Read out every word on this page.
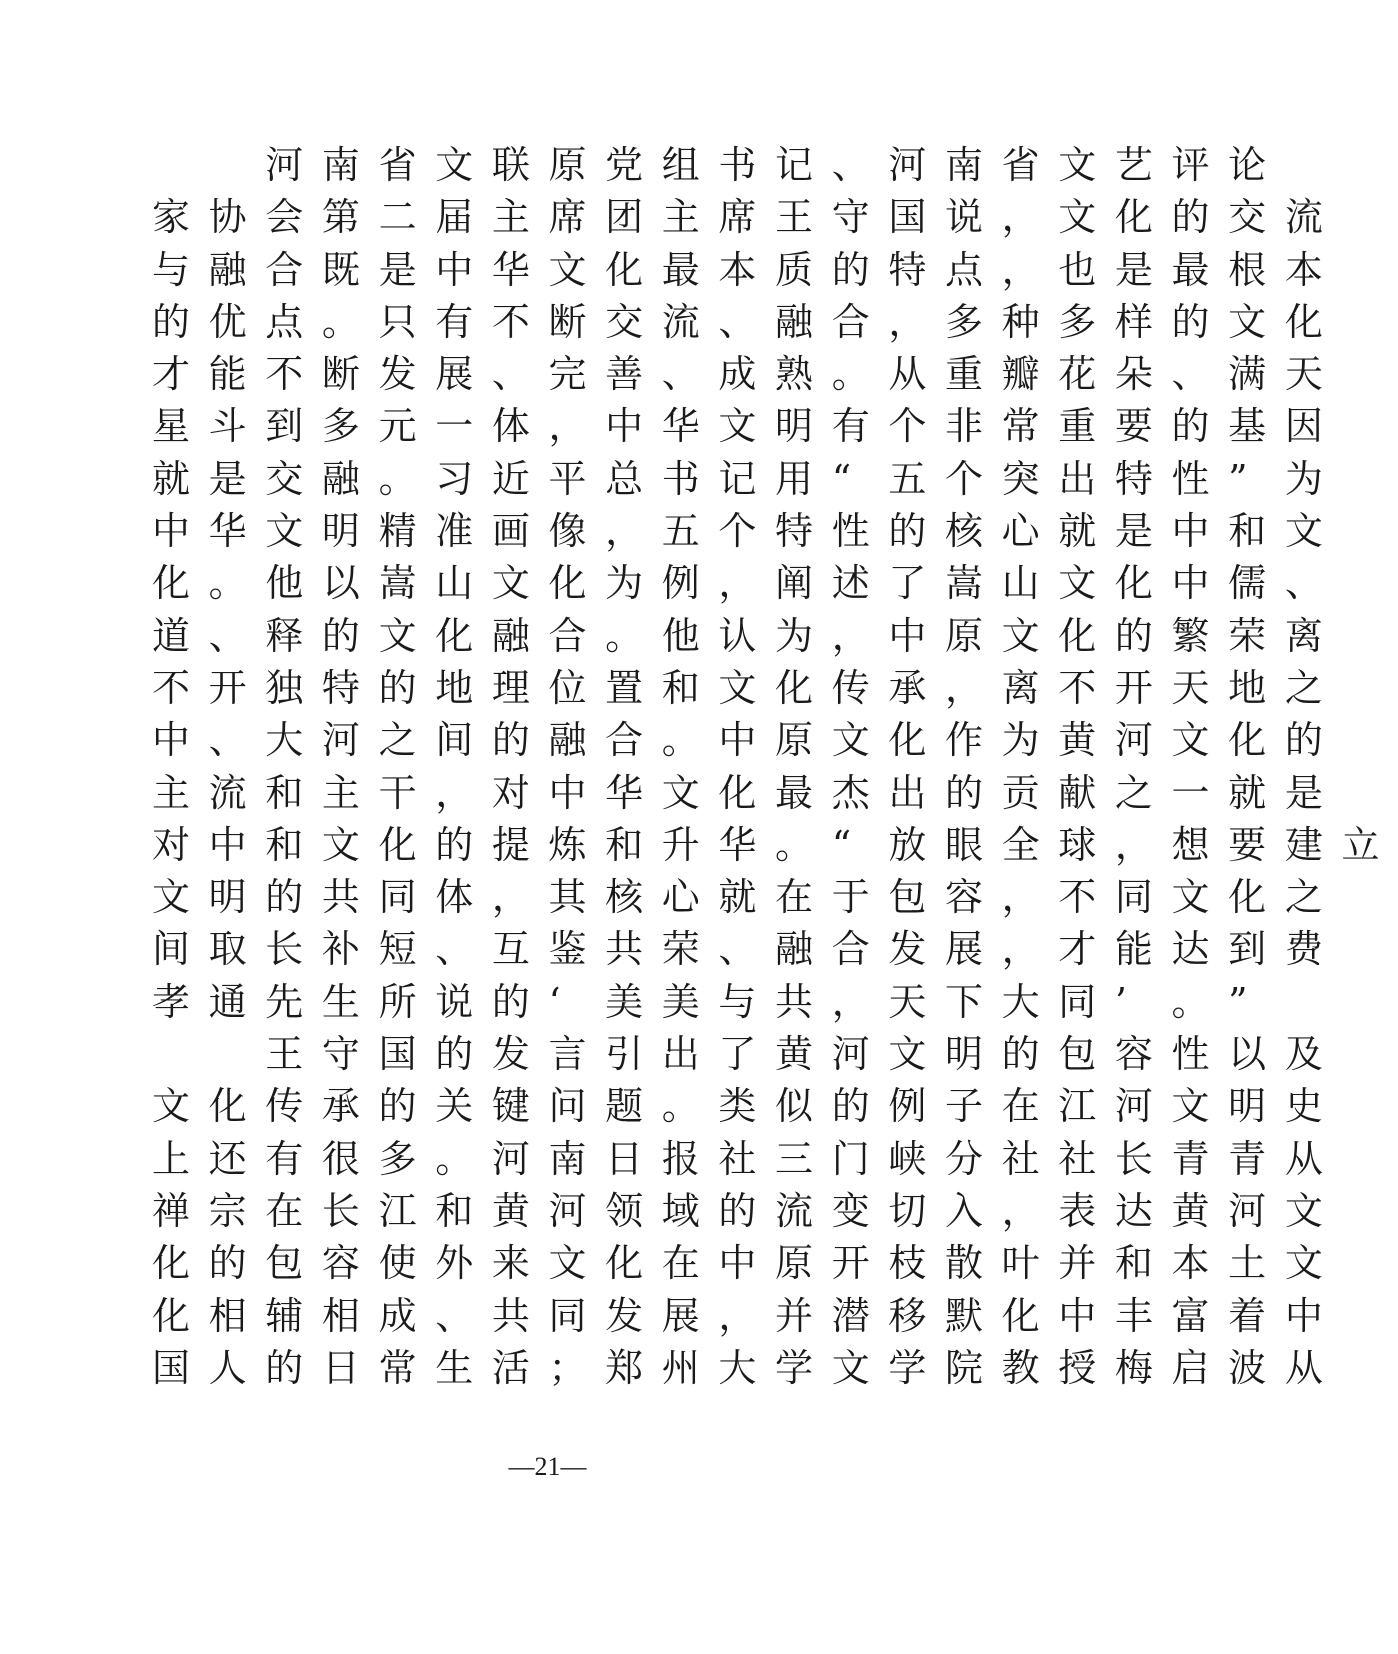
　　河 南 省 文 联 原 党 组 书 记 、 河 南 省 文 艺 评 论
家 协 会 第 二 届 主 席 团 主 席 王 守 国 说 ， 文 化 的 交 流
与 融 合 既 是 中 华 文 化 最 本 质 的 特 点 ， 也 是 最 根 本
的 优 点 。 只 有 不 断 交 流 、 融 合 ， 多 种 多 样 的 文 化
才 能 不 断 发 展 、 完 善 、 成 熟 。 从 重 瓣 花 朵 、 满 天
星 斗 到 多 元 一 体 ， 中 华 文 明 有 个 非 常 重 要 的 基 因
就 是 交 融 。 习 近 平 总 书 记 用 “ 五 个 突 出 特 性 ” 为
中 华 文 明 精 准 画 像 ， 五 个 特 性 的 核 心 就 是 中 和 文
化 。 他 以 嵩 山 文 化 为 例 ， 阐 述 了 嵩 山 文 化 中 儒 、
道 、 释 的 文 化 融 合 。 他 认 为 ， 中 原 文 化 的 繁 荣 离
不 开 独 特 的 地 理 位 置 和 文 化 传 承 ， 离 不 开 天 地 之
中 、 大 河 之 间 的 融 合 。 中 原 文 化 作 为 黄 河 文 化 的
主 流 和 主 干 ， 对 中 华 文 化 最 杰 出 的 贡 献 之 一 就 是
对 中 和 文 化 的 提 炼 和 升 华 。 “ 放 眼 全 球 ， 想 要 建 立
文 明 的 共 同 体 ， 其 核 心 就 在 于 包 容 ， 不 同 文 化 之
间 取 长 补 短 、 互 鉴 共 荣 、 融 合 发 展 ， 才 能 达 到 费
孝 通 先 生 所 说 的 ‘ 美 美 与 共 ， 天 下 大 同 ’ 。 ”
　　王 守 国 的 发 言 引 出 了 黄 河 文 明 的 包 容 性 以 及
文 化 传 承 的 关 键 问 题 。 类 似 的 例 子 在 江 河 文 明 史
上 还 有 很 多 。 河 南 日 报 社 三 门 峡 分 社 社 长 青 青 从
禅 宗 在 长 江 和 黄 河 领 域 的 流 变 切 入 ， 表 达 黄 河 文
化 的 包 容 使 外 来 文 化 在 中 原 开 枝 散 叶 并 和 本 土 文
化 相 辅 相 成 、 共 同 发 展 ， 并 潜 移 默 化 中 丰 富 着 中
国 人 的 日 常 生 活 ； 郑 州 大 学 文 学 院 教 授 梅 启 波 从
—21—
